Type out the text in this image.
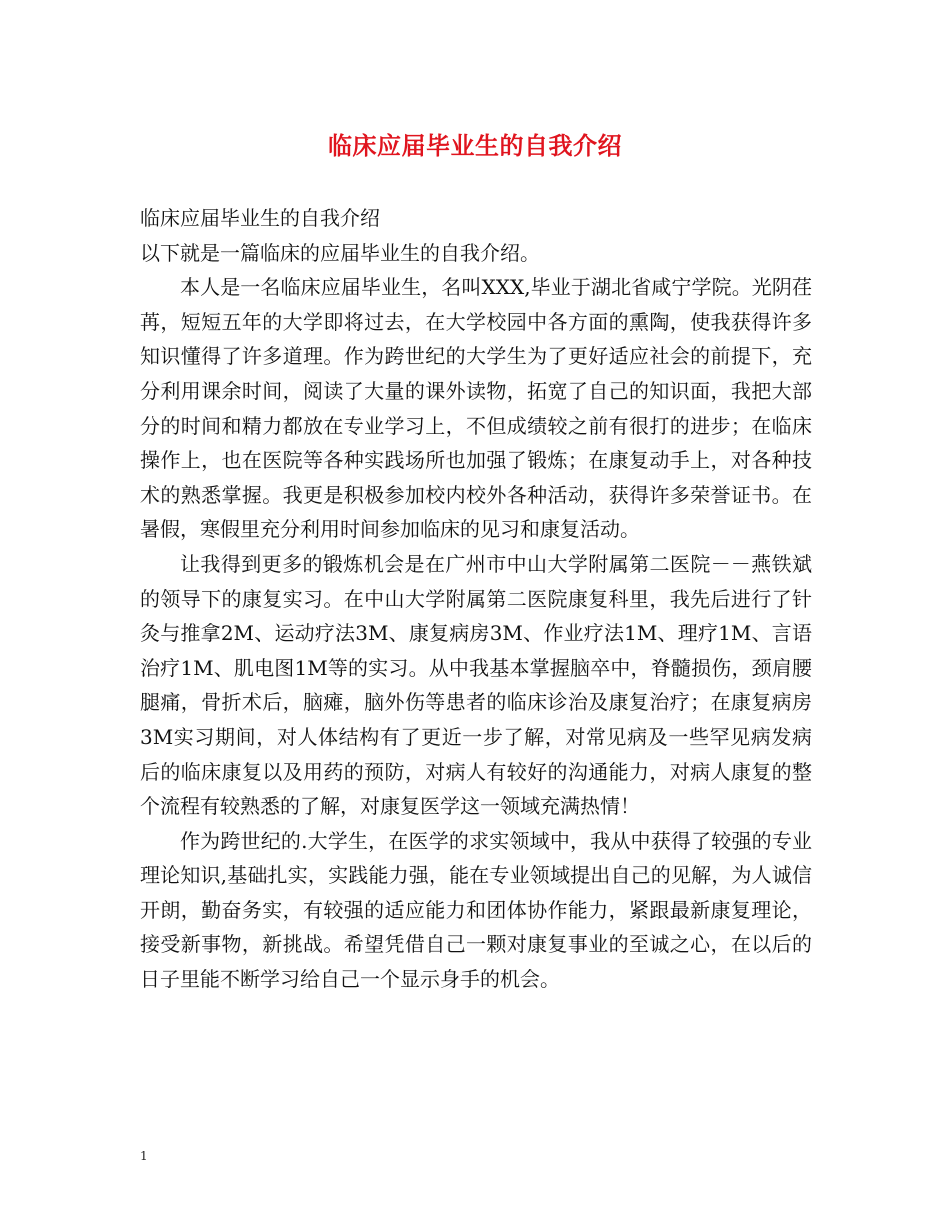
临床应届毕业生的自我介绍

临床应届毕业生的自我介绍

以下就是一篇临床的应届毕业生的自我介绍。

本人是一名临床应届毕业生，名叫XXX,毕业于湖北省咸宁学院。光阴荏苒，短短五年的大学即将过去，在大学校园中各方面的熏陶，使我获得许多知识懂得了许多道理。作为跨世纪的大学生为了更好适应社会的前提下，充分利用课余时间，阅读了大量的课外读物，拓宽了自己的知识面，我把大部分的时间和精力都放在专业学习上，不但成绩较之前有很打的进步；在临床操作上，也在医院等各种实践场所也加强了锻炼；在康复动手上，对各种技术的熟悉掌握。我更是积极参加校内校外各种活动，获得许多荣誉证书。在暑假，寒假里充分利用时间参加临床的见习和康复活动。

让我得到更多的锻炼机会是在广州市中山大学附属第二医院－－燕铁斌的领导下的康复实习。在中山大学附属第二医院康复科里，我先后进行了针灸与推拿2M、运动疗法3M、康复病房3M、作业疗法1M、理疗1M、言语治疗1M、肌电图1M等的实习。从中我基本掌握脑卒中，脊髓损伤，颈肩腰腿痛，骨折术后，脑瘫，脑外伤等患者的临床诊治及康复治疗；在康复病房3M实习期间，对人体结构有了更近一步了解，对常见病及一些罕见病发病后的临床康复以及用药的预防，对病人有较好的沟通能力，对病人康复的整个流程有较熟悉的了解，对康复医学这一领域充满热情！

作为跨世纪的.大学生，在医学的求实领域中，我从中获得了较强的专业理论知识,基础扎实，实践能力强，能在专业领域提出自己的见解，为人诚信开朗，勤奋务实，有较强的适应能力和团体协作能力，紧跟最新康复理论，接受新事物，新挑战。希望凭借自己一颗对康复事业的至诚之心，在以后的日子里能不断学习给自己一个显示身手的机会。

1
